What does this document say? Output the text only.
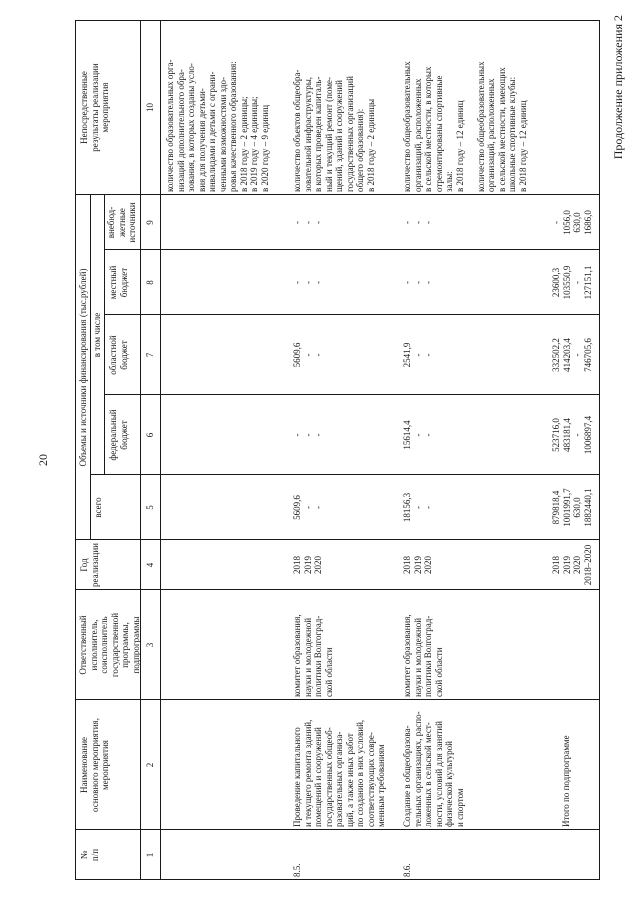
20
Продолжение приложения 2
№
п/п
Наименование
основного мероприятия,
мероприятия
Ответственный
исполнитель,
соисполнитель
государственной
программы,
подпрограммы
Год
реализации
Объемы и источники финансирования (тыс.рублей)
всего
в том числе
федеральный
бюджет
областной
бюджет
местный
бюджет
внебюд-
жетные
источники
Непосредственные
результаты реализации
мероприятия
1
2
3
4
5
6
7
8
9
10
количество образовательных орга-
низаций дополнительного обра-
зования, в которых созданы усло-
вия для получения детьми-
инвалидами и детьми с ограни-
ченными возможностями здо-
ровья качественного образования:
в 2018 году – 2 единицы;
в 2019 году – 4 единицы;
в 2020 году – 9 единиц
8.5.
Проведение капитального
и текущего ремонта зданий,
помещений и сооружений
государственных общеоб-
разовательных организа-
ций, а также иных работ
по созданию в них условий,
соответствующих совре-
менным требованиям
комитет образования,
науки и молодежной
политики Волгоград-
ской области
2018
2019
2020
5609,6
-
-
-
-
-
5609,6
-
-
-
-
-
-
-
-
количество объектов общеобра-
зовательной инфраструктуры,
в которых проведен капиталь-
ный и текущий ремонт (поме-
щений, зданий и сооружений
государственных организаций
общего образования):
в 2018 году – 2 единицы
8.6.
Создание в общеобразова-
тельных организациях, распо-
ложенных в сельской мест-
ности, условий для занятий
физической культурой
и спортом
комитет образования,
науки и молодежной
политики Волгоград-
ской области
2018
2019
2020
18156,3
-
-
15614,4
-
-
2541,9
-
-
-
-
-
-
-
-
количество общеобразовательных
организаций, расположенных
в сельской местности, в которых
отремонтированы спортивные
залы:
в 2018 году – 12 единиц

количество общеобразовательных
организаций, расположенных
в сельской местности, имеющих
школьные спортивные клубы:
в 2018 году – 12 единиц
Итого по подпрограмме
2018
2019
2020
2018–2020
879818,4
1001991,7
630,0
1882440,1
523716,0
483181,4
-
1006897,4
332502,2
414203,4
-
746705,6
23600,3
103550,9
-
127151,1
-
1056,0
630,0
1686,0
